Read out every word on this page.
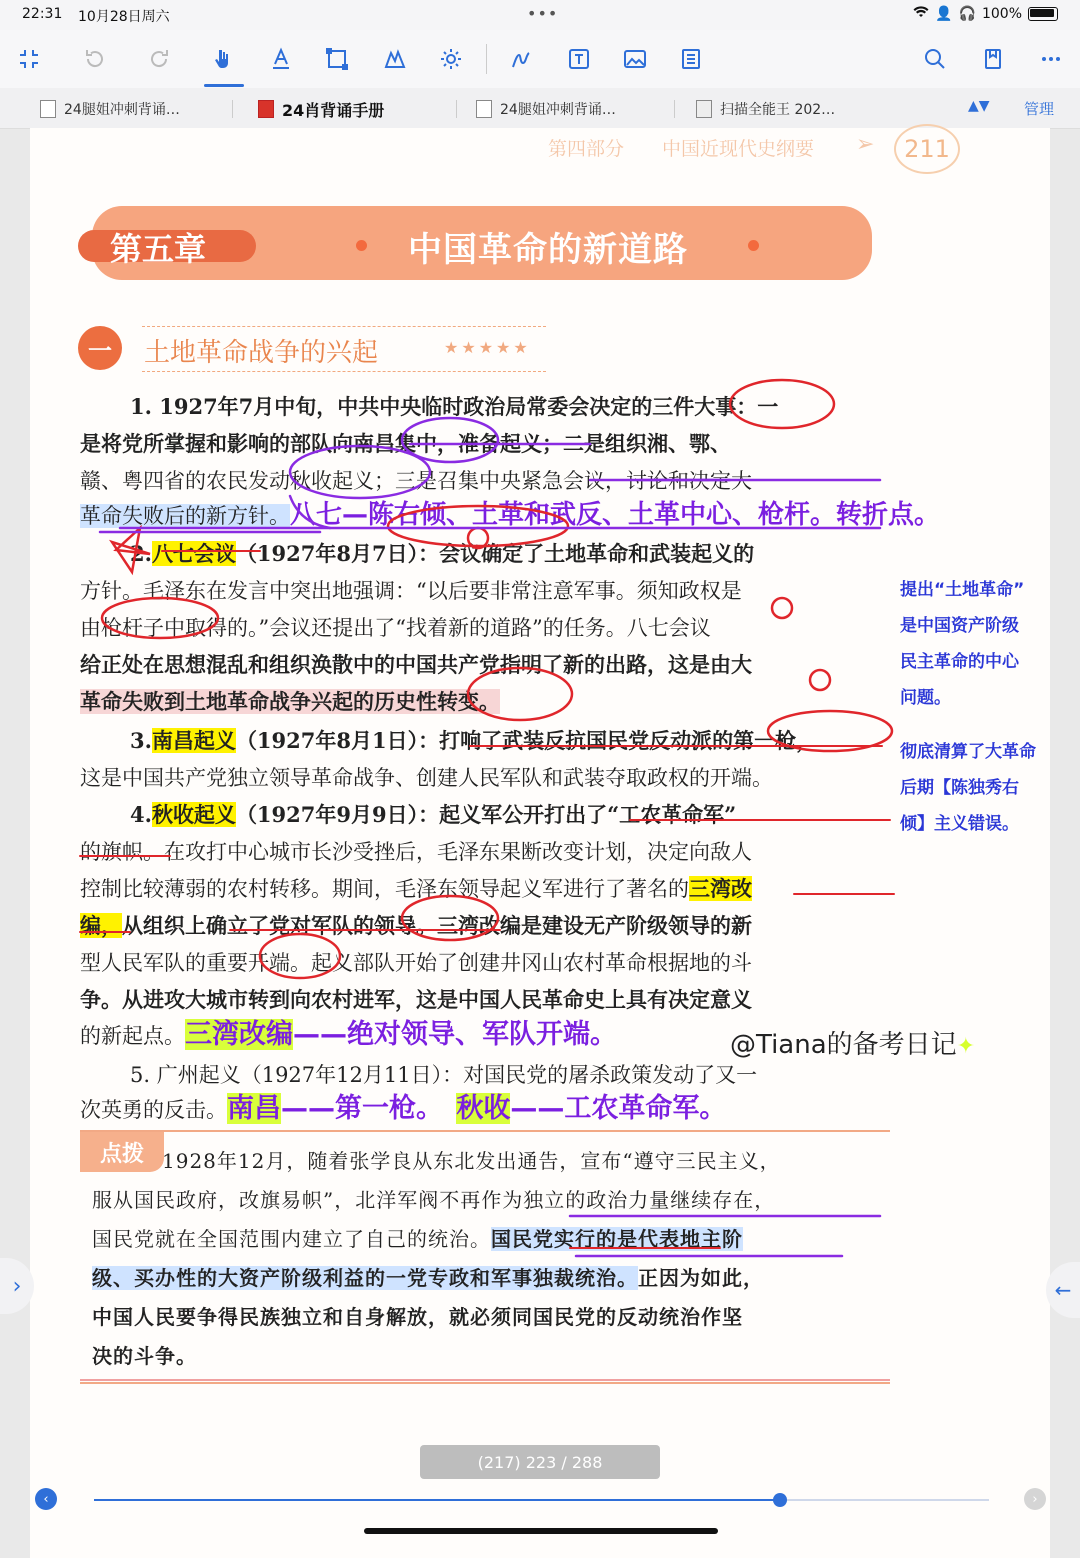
22:31 10月28日周六	•••	👤 🎧 100%
24腿姐冲刺背诵…	24肖背诵手册	24腿姐冲刺背诵…	扫描全能王 202…	▲▼ 管理
第四部分 中国近现代史纲要 ➢	211
第五章	中国革命的新道路
一	土地革命战争的兴起	★★★★★
1. 1927年7月中旬，中共中央临时政治局常委会决定的三件大事：一
是将党所掌握和影响的部队向南昌集中，准备起义；二是组织湘、鄂、
赣、粤四省的农民发动秋收起义；三是召集中央紧急会议，讨论和决定大
革命失败后的新方针。八七—陈右倾、土革和武反、土革中心、枪杆。转折点。
2.八七会议（1927年8月7日）：会议确定了土地革命和武装起义的
方针。毛泽东在发言中突出地强调：“以后要非常注意军事。须知政权是
由枪杆子中取得的。”会议还提出了“找着新的道路”的任务。八七会议
给正处在思想混乱和组织涣散中的中国共产党指明了新的出路，这是由大
革命失败到土地革命战争兴起的历史性转变。
提出“土地革命”
是中国资产阶级
民主革命的中心
问题。
3.南昌起义（1927年8月1日）：打响了武装反抗国民党反动派的第一枪，
这是中国共产党独立领导革命战争、创建人民军队和武装夺取政权的开端。
彻底清算了大革命
后期【陈独秀右
倾】主义错误。
4.秋收起义（1927年9月9日）：起义军公开打出了“工农革命军”
的旗帜。在攻打中心城市长沙受挫后，毛泽东果断改变计划，决定向敌人
控制比较薄弱的农村转移。期间，毛泽东领导起义军进行了著名的三湾改
编，从组织上确立了党对军队的领导。三湾改编是建设无产阶级领导的新
型人民军队的重要开端。起义部队开始了创建井冈山农村革命根据地的斗
争。从进攻大城市转到向农村进军，这是中国人民革命史上具有决定意义
的新起点。三湾改编——绝对领导、军队开端。	@Tiana的备考日记✦
5. 广州起义（1927年12月11日）：对国民党的屠杀政策发动了又一
次英勇的反击。南昌——第一枪。 秋收——工农革命军。
点拨 1928年12月，随着张学良从东北发出通告，宣布“遵守三民主义，
服从国民政府，改旗易帜”，北洋军阀不再作为独立的政治力量继续存在，
国民党就在全国范围内建立了自己的统治。国民党实行的是代表地主阶
级、买办性的大资产阶级利益的一党专政和军事独裁统治。正因为如此，
中国人民要争得民族独立和自身解放，就必须同国民党的反动统治作坚
决的斗争。
(217) 223 / 288
›	←
‹	›
